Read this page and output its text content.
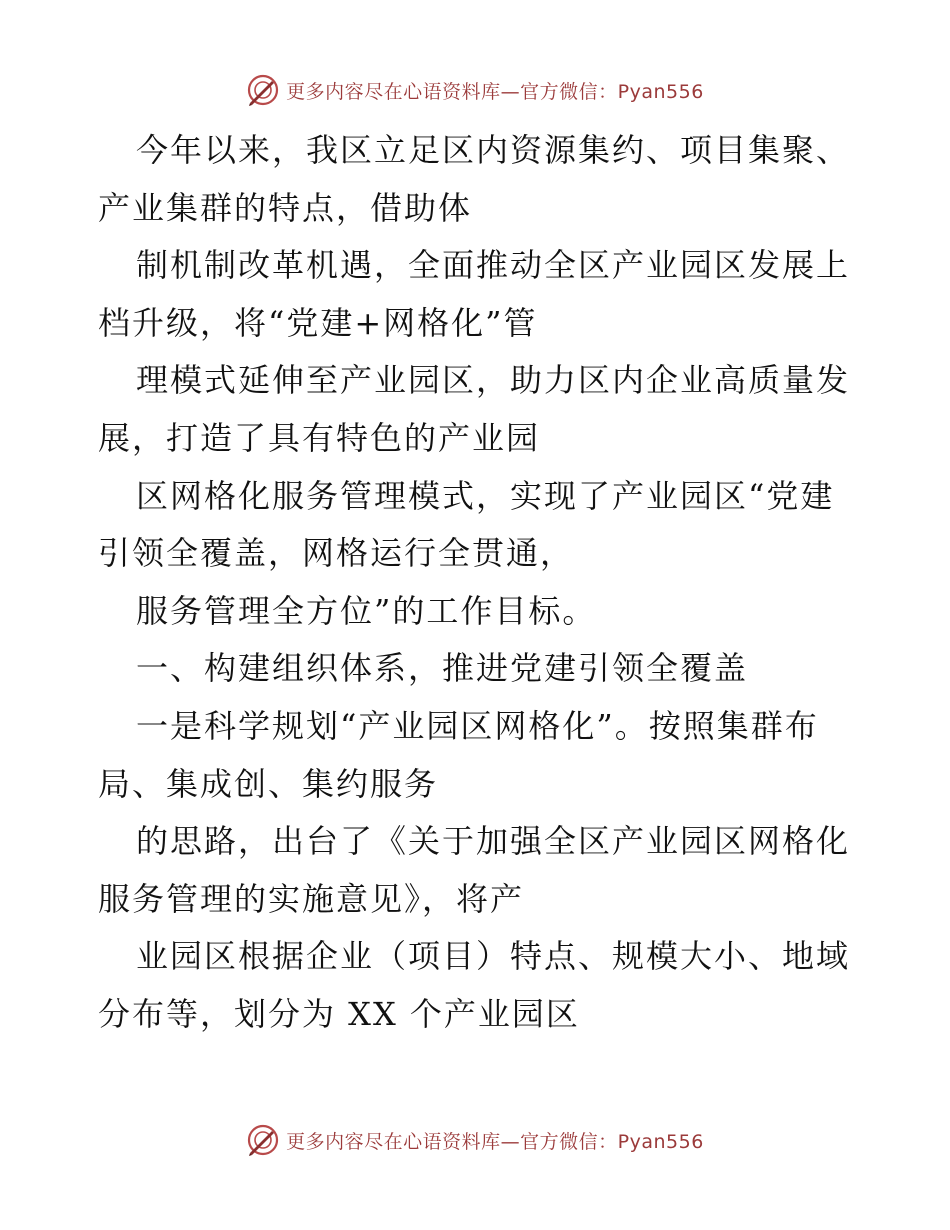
更多内容尽在心语资料库—官方微信：Pyan556
今年以来，我区立足区内资源集约、项目集聚、
产业集群的特点，借助体
制机制改革机遇，全面推动全区产业园区发展上
档升级，将“党建+网格化”管
理模式延伸至产业园区，助力区内企业高质量发
展，打造了具有特色的产业园
区网格化服务管理模式，实现了产业园区“党建
引领全覆盖，网格运行全贯通，
服务管理全方位”的工作目标。
一、构建组织体系，推进党建引领全覆盖
一是科学规划“产业园区网格化”。按照集群布
局、集成创、集约服务
的思路，出台了《关于加强全区产业园区网格化
服务管理的实施意见》，将产
业园区根据企业（项目）特点、规模大小、地域
分布等，划分为 XX 个产业园区
更多内容尽在心语资料库—官方微信：Pyan556
